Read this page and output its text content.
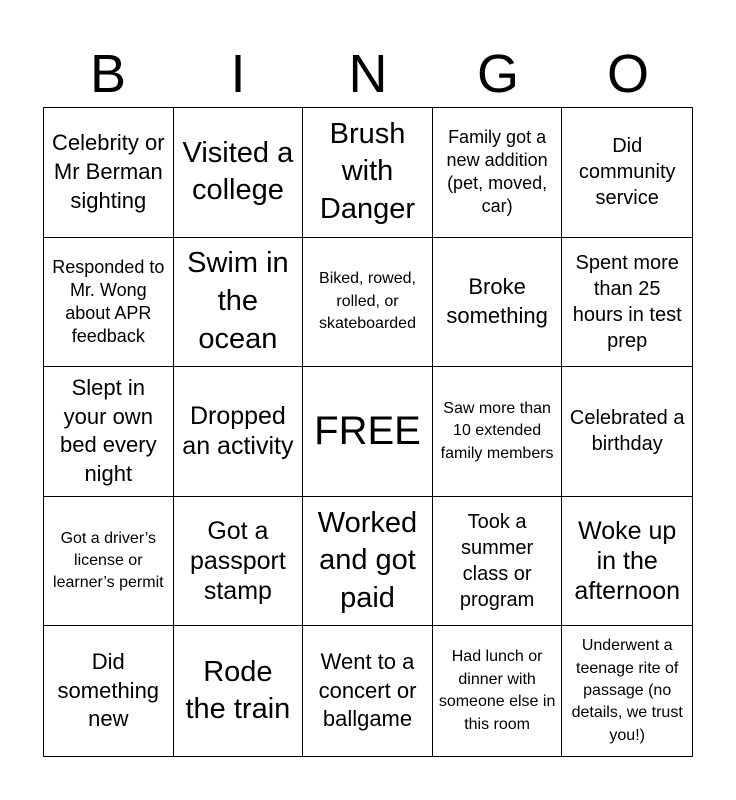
B	I	N	G	O
Celebrity or Mr Berman sighting
Visited a college
Brush with Danger
Family got a new addition (pet, moved, car)
Did community service
Responded to Mr. Wong about APR feedback
Swim in the ocean
Biked, rowed, rolled, or skateboarded
Broke something
Spent more than 25 hours in test prep
Slept in your own bed every night
Dropped an activity FREE
Saw more than 10 extended family members
Celebrated a birthday
Got a driver’s license or learner’s permit
Got a passport stamp
Worked and got paid
Took a summer class or program
Woke up in the afternoon
Did something new
Rode the train
Went to a concert or ballgame
Had lunch or dinner with someone else in this room
Underwent a teenage rite of passage (no details, we trust you!)
